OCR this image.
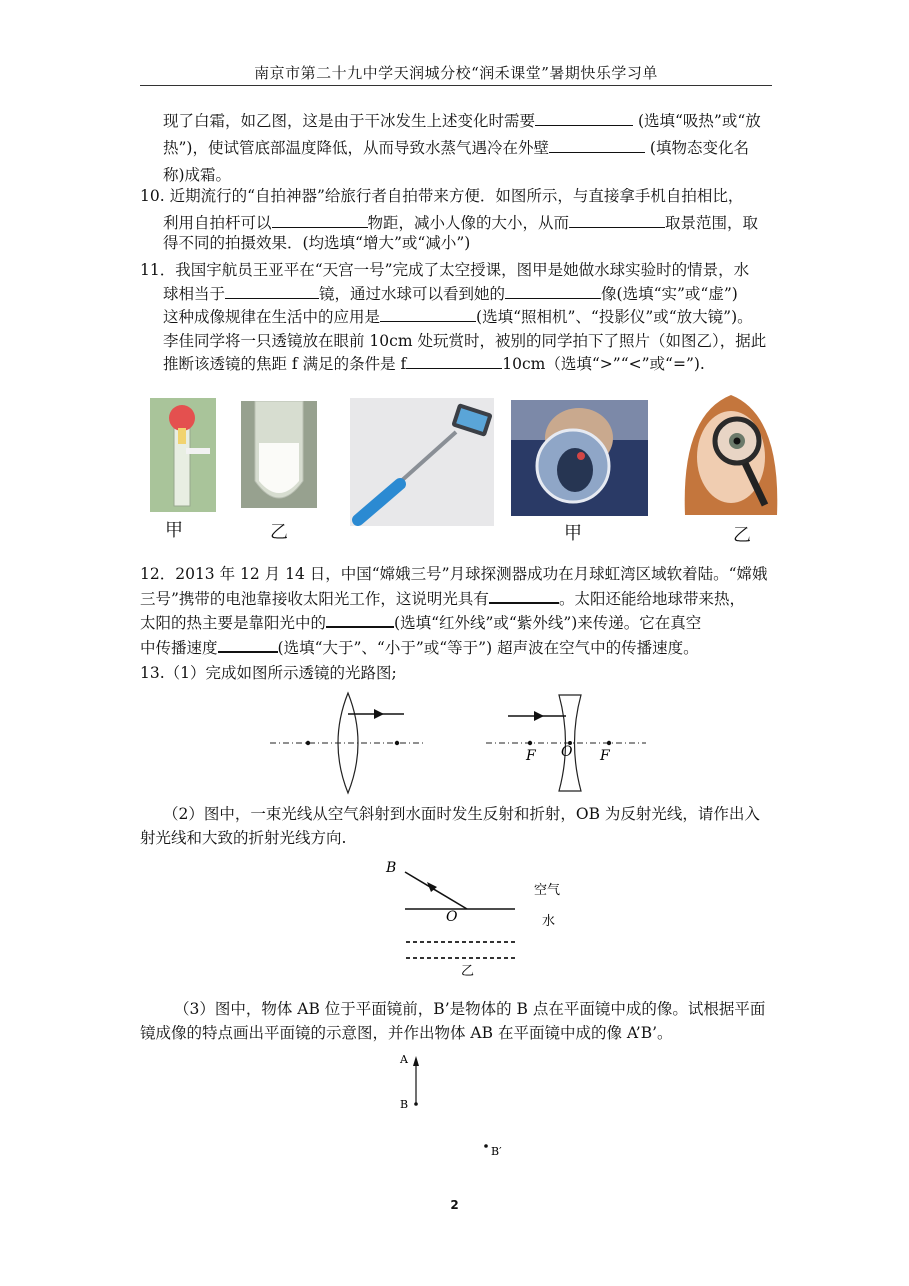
南京市第二十九中学天润城分校“润禾课堂”暑期快乐学习单
现了白霜，如乙图，这是由于干冰发生上述变化时需要	(选填“吸热”或“放
热”)，使试管底部温度降低，从而导致水蒸气遇冷在外壁	(填物态变化名
称)成霜。
10. 近期流行的“自拍神器”给旅行者自拍带来方便．如图所示，与直接拿手机自拍相比，
利用自拍杆可以	物距，减小人像的大小，从而	取景范围，取
得不同的拍摄效果．(均选填“增大”或“减小”)
11．我国宇航员王亚平在“天宫一号”完成了太空授课，图甲是她做水球实验时的情景，水
球相当于	镜，通过水球可以看到她的	像(选填“实”或“虚”)
这种成像规律在生活中的应用是	(选填“照相机”、“投影仪”或“放大镜”)。
李佳同学将一只透镜放在眼前 10cm 处玩赏时，被别的同学拍下了照片（如图乙），据此
推断该透镜的焦距 f 满足的条件是 f	10cm（选填“>”“<”或“=”).
甲	乙	甲	乙
12．2013 年 12 月 14 日，中国“嫦娥三号”月球探测器成功在月球虹湾区域软着陆。“嫦娥
三号”携带的电池靠接收太阳光工作，这说明光具有	。太阳还能给地球带来热，
太阳的热主要是靠阳光中的	(选填“红外线”或“紫外线”)来传递。它在真空
中传播速度	(选填“大于”、“小于”或“等于”) 超声波在空气中的传播速度。
13.（1）完成如图所示透镜的光路图;
F O F
（2）图中，一束光线从空气斜射到水面时发生反射和折射，OB 为反射光线，请作出入
射光线和大致的折射光线方向.
B
O
空气
水
乙
（3）图中，物体 AB 位于平面镜前，B’是物体的 B 点在平面镜中成的像。试根据平面
镜成像的特点画出平面镜的示意图，并作出物体 AB 在平面镜中成的像 A’B’。
A
B
B′
2
